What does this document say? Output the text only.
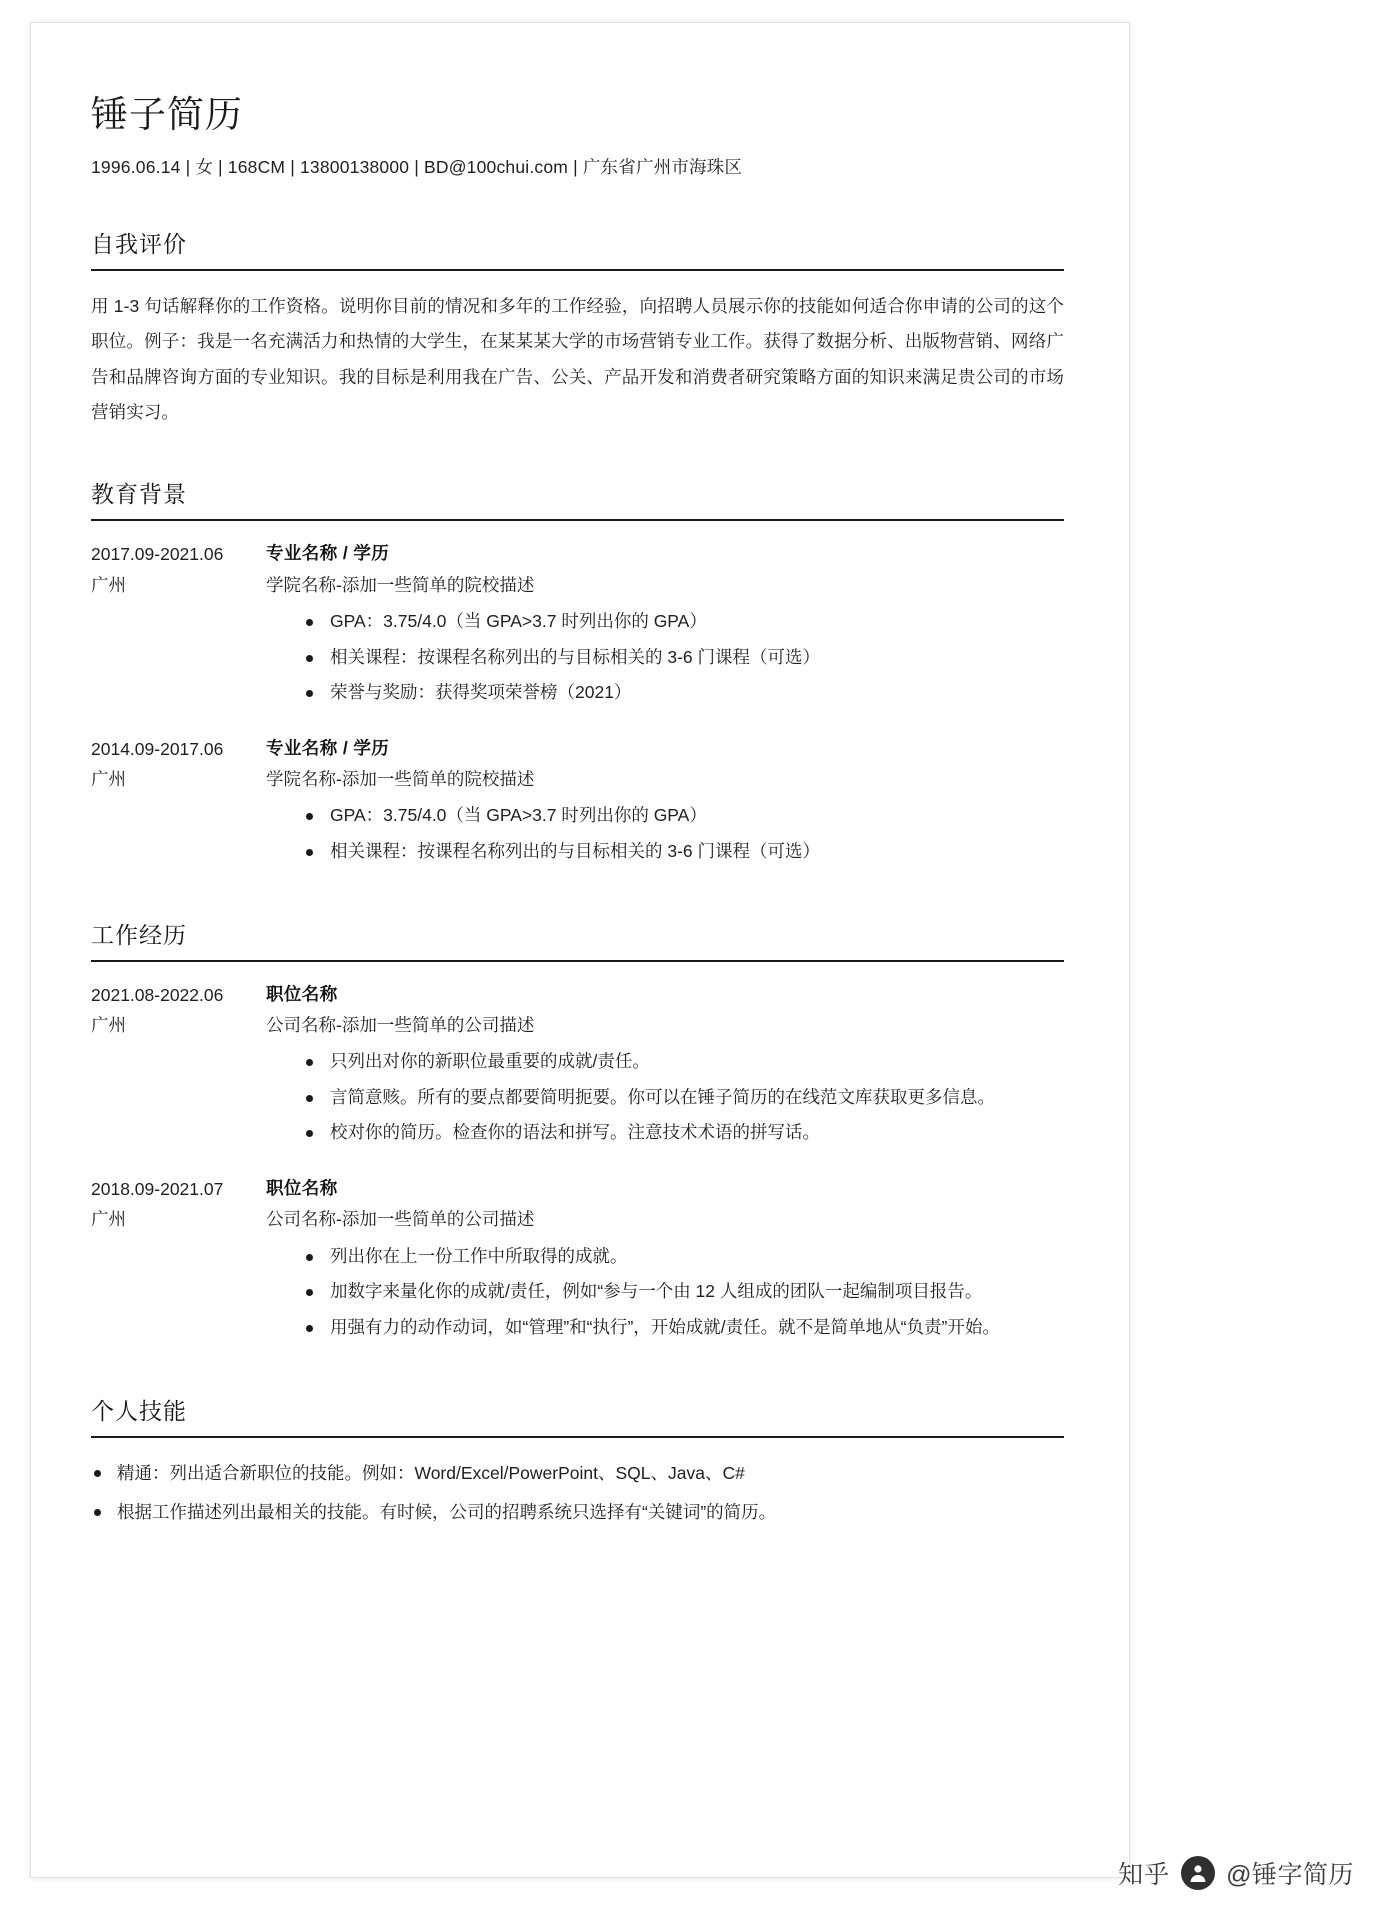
锤子简历
1996.06.14 | 女 | 168CM | 13800138000 | BD@100chui.com | 广东省广州市海珠区
自我评价

用 1-3 句话解释你的工作资格。说明你目前的情况和多年的工作经验，向招聘人员展示你的技能如何适合你申请的公司的这个职位。例子：我是一名充满活力和热情的大学生，在某某某大学的市场营销专业工作。获得了数据分析、出版物营销、网络广告和品牌咨询方面的专业知识。我的目标是利用我在广告、公关、产品开发和消费者研究策略方面的知识来满足贵公司的市场营销实习。

教育背景
2017.09-2021.06
广州
专业名称 / 学历
学院名称-添加一些简单的院校描述
GPA：3.75/4.0（当 GPA>3.7 时列出你的 GPA）
相关课程：按课程名称列出的与目标相关的 3-6 门课程（可选）
荣誉与奖励：获得奖项荣誉榜（2021）
2014.09-2017.06
广州
专业名称 / 学历
学院名称-添加一些简单的院校描述
GPA：3.75/4.0（当 GPA>3.7 时列出你的 GPA）
相关课程：按课程名称列出的与目标相关的 3-6 门课程（可选）
工作经历
2021.08-2022.06
广州
职位名称
公司名称-添加一些简单的公司描述
只列出对你的新职位最重要的成就/责任。
言简意赅。所有的要点都要简明扼要。你可以在锤子简历的在线范文库获取更多信息。
校对你的简历。检查你的语法和拼写。注意技术术语的拼写话。
2018.09-2021.07
广州
职位名称
公司名称-添加一些简单的公司描述
列出你在上一份工作中所取得的成就。
加数字来量化你的成就/责任，例如“参与一个由 12 人组成的团队一起编制项目报告。
用强有力的动作动词，如“管理”和“执行”，开始成就/责任。就不是简单地从“负责”开始。
个人技能
精通：列出适合新职位的技能。例如：Word/Excel/PowerPoint、SQL、Java、C#
根据工作描述列出最相关的技能。有时候，公司的招聘系统只选择有“关键词”的简历。
知乎 @锤字简历
